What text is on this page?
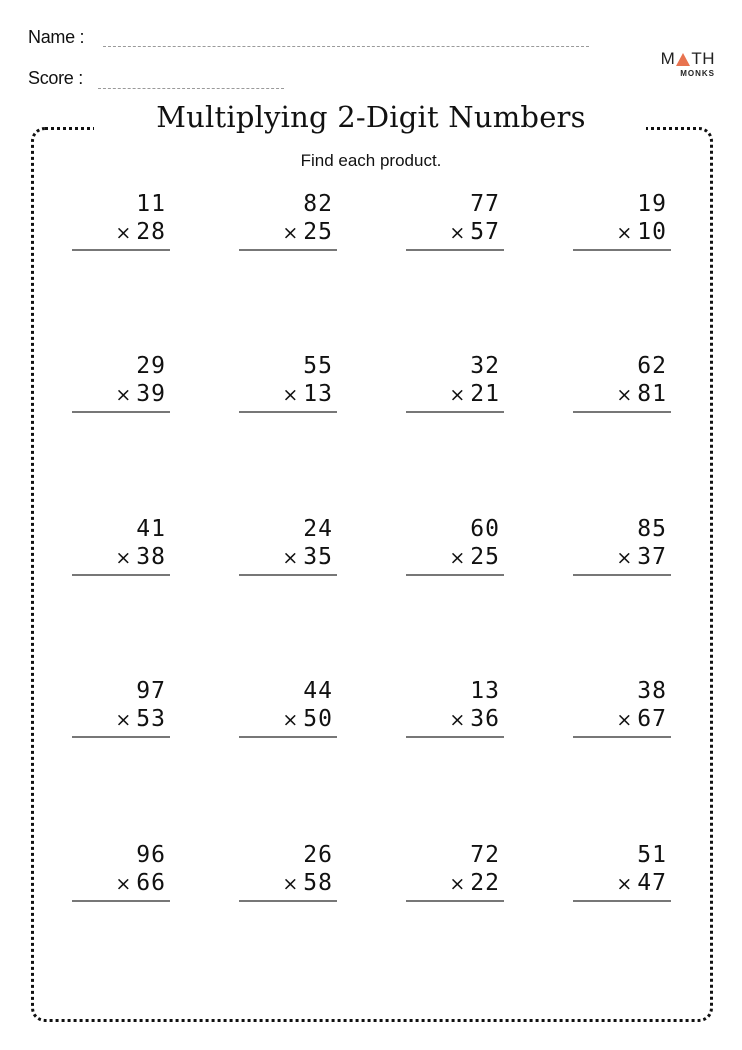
Name :
Score :
M TH
MONKS
Multiplying 2-Digit Numbers
Find each product.
11
× 28
82
× 25
77
× 57
19
× 10
29
× 39
55
× 13
32
× 21
62
× 81
41
× 38
24
× 35
60
× 25
85
× 37
97
× 53
44
× 50
13
× 36
38
× 67
96
× 66
26
× 58
72
× 22
51
× 47
